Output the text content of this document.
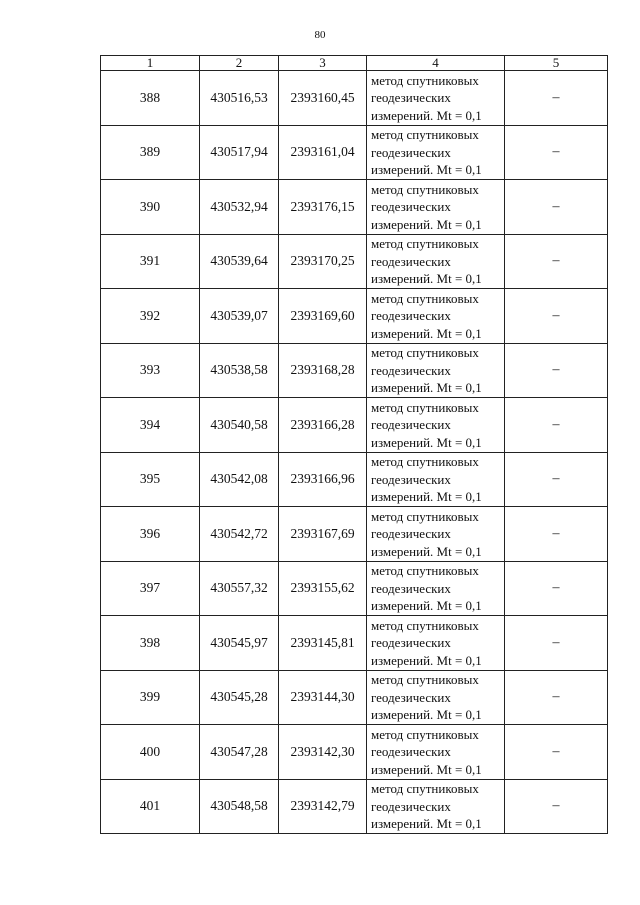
80
1	2	3	4	5
388	430516,53	2393160,45	метод спутниковых
геодезических
измерений. Mt = 0,1	–
389	430517,94	2393161,04	метод спутниковых
геодезических
измерений. Mt = 0,1	–
390	430532,94	2393176,15	метод спутниковых
геодезических
измерений. Mt = 0,1	–
391	430539,64	2393170,25	метод спутниковых
геодезических
измерений. Mt = 0,1	–
392	430539,07	2393169,60	метод спутниковых
геодезических
измерений. Mt = 0,1	–
393	430538,58	2393168,28	метод спутниковых
геодезических
измерений. Mt = 0,1	–
394	430540,58	2393166,28	метод спутниковых
геодезических
измерений. Mt = 0,1	–
395	430542,08	2393166,96	метод спутниковых
геодезических
измерений. Mt = 0,1	–
396	430542,72	2393167,69	метод спутниковых
геодезических
измерений. Mt = 0,1	–
397	430557,32	2393155,62	метод спутниковых
геодезических
измерений. Mt = 0,1	–
398	430545,97	2393145,81	метод спутниковых
геодезических
измерений. Mt = 0,1	–
399	430545,28	2393144,30	метод спутниковых
геодезических
измерений. Mt = 0,1	–
400	430547,28	2393142,30	метод спутниковых
геодезических
измерений. Mt = 0,1	–
401	430548,58	2393142,79	метод спутниковых
геодезических
измерений. Mt = 0,1	–
